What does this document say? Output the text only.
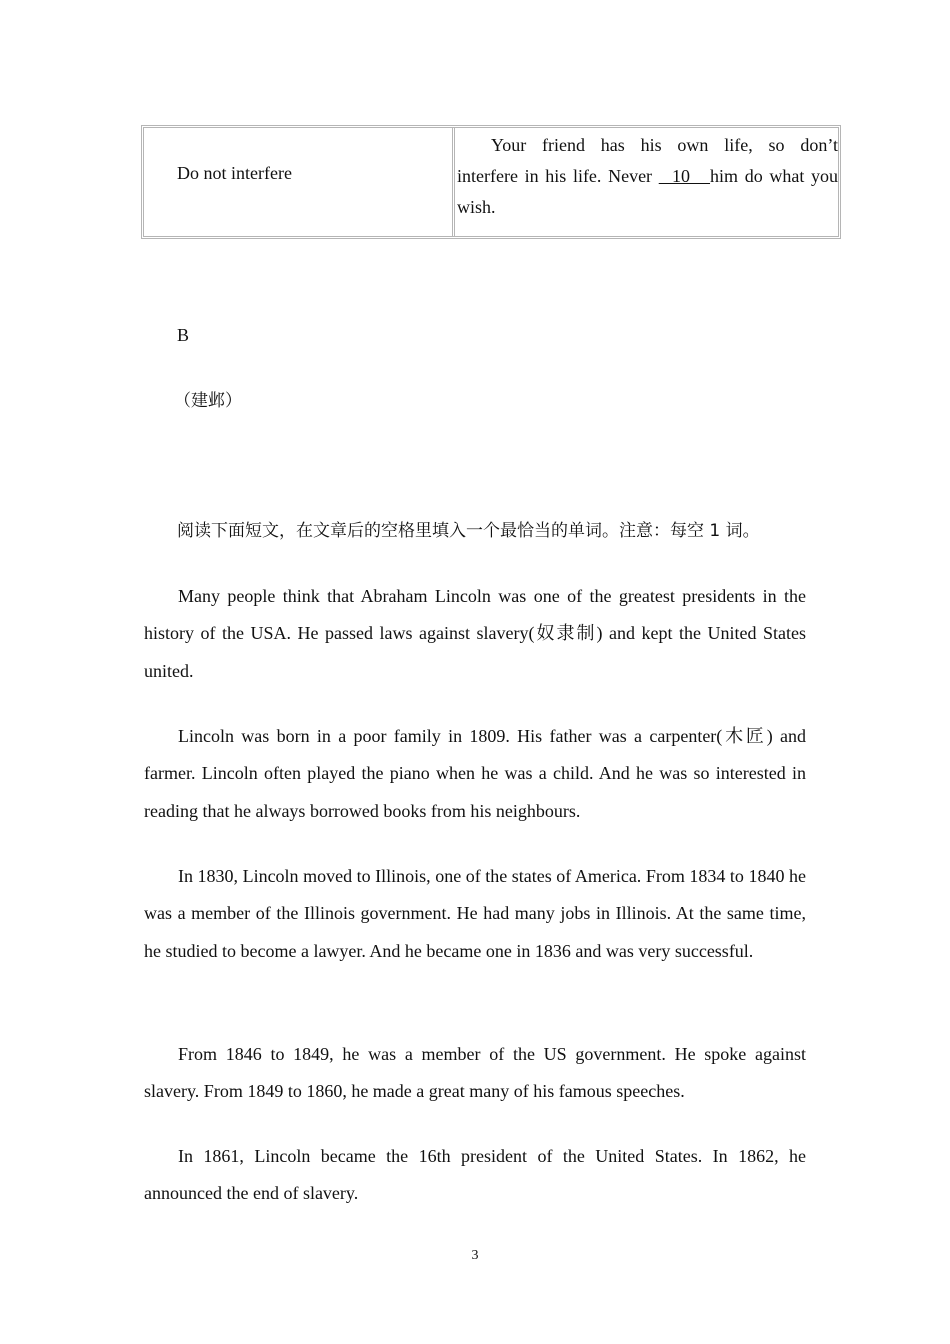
Do not interfere
Your friend has his own life, so don’t
interfere in his life. Never   10   him do what you
wish.
B
（建邺）
阅读下面短文，在文章后的空格里填入一个最恰当的单词。注意：每空 1 词。

Many people think that Abraham Lincoln was one of the greatest presidents in the history of the USA. He passed laws against slavery(奴隶制) and kept the United States united.

Lincoln was born in a poor family in 1809. His father was a carpenter(木匠) and farmer. Lincoln often played the piano when he was a child. And he was so interested in reading that he always borrowed books from his neighbours.

In 1830, Lincoln moved to Illinois, one of the states of America. From 1834 to 1840 he was a member of the Illinois government. He had many jobs in Illinois. At the same time, he studied to become a lawyer. And he became one in 1836 and was very successful.

From 1846 to 1849, he was a member of the US government. He spoke against slavery. From 1849 to 1860, he made a great many of his famous speeches.

In 1861, Lincoln became the 16th president of the United States. In 1862, he announced the end of slavery.

3
